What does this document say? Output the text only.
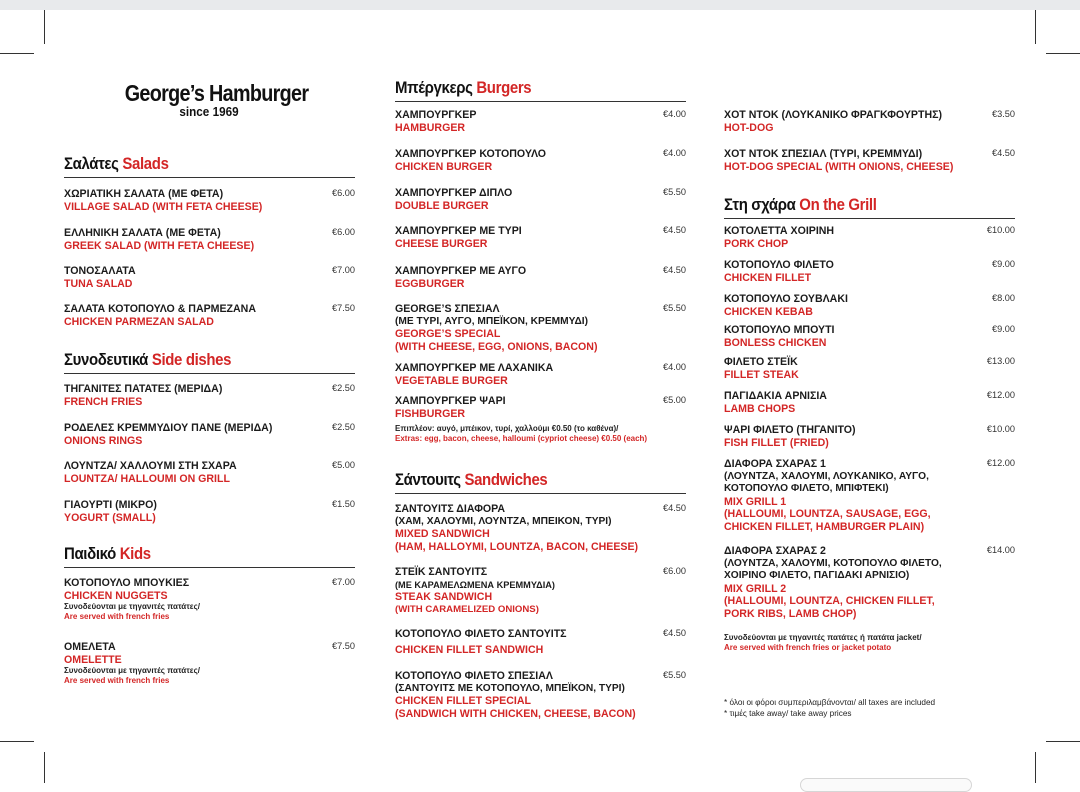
George’s Hamburger
since 1969
Σαλάτες Salads
ΧΩΡΙΑΤΙΚΗ ΣΑΛΑΤΑ (ΜΕ ΦΕΤΑ)
VILLAGE SALAD (WITH FETA CHEESE)
€6.00
ΕΛΛΗΝΙΚΗ ΣΑΛΑΤΑ (ΜΕ ΦΕΤΑ)
GREEK SALAD (WITH FETA CHEESE)
€6.00
ΤΟΝΟΣΑΛΑΤΑ
TUNA SALAD
€7.00
ΣΑΛΑΤΑ ΚΟΤΟΠΟΥΛΟ & ΠΑΡΜΕΖΑΝΑ
CHICKEN PARMEZAN SALAD
€7.50
Συνοδευτικά Side dishes
ΤΗΓΑΝΙΤΕΣ ΠΑΤΑΤΕΣ (ΜΕΡΙΔΑ)
FRENCH FRIES
€2.50
ΡΟΔΕΛΕΣ ΚΡΕΜΜΥΔΙΟΥ ΠΑΝΕ (ΜΕΡΙΔΑ)
ONIONS RINGS
€2.50
ΛΟΥΝΤΖΑ/ ΧΑΛΛΟΥΜΙ ΣΤΗ ΣΧΑΡΑ
LOUNTZA/ HALLOUMI ON GRILL
€5.00
ΓΙΑΟΥΡΤΙ (ΜΙΚΡΟ)
YOGURT (SMALL)
€1.50
Παιδικό Kids
ΚΟΤΟΠΟΥΛΟ ΜΠΟΥΚΙΕΣ
CHICKEN NUGGETS
Συνοδεύονται με τηγανιτές πατάτες/
Are served with french fries
€7.00
ΟΜΕΛΕΤΑ
OMELETTE
Συνοδεύονται με τηγανιτές πατάτες/
Are served with french fries
€7.50
Μπέργκερς Burgers
ΧΑΜΠΟΥΡΓΚΕΡ
HAMBURGER
€4.00
ΧΑΜΠΟΥΡΓΚΕΡ ΚΟΤΟΠΟΥΛΟ
CHICKEN BURGER
€4.00
ΧΑΜΠΟΥΡΓΚΕΡ ΔΙΠΛΟ
DOUBLE BURGER
€5.50
ΧΑΜΠΟΥΡΓΚΕΡ ΜΕ ΤΥΡΙ
CHEESE BURGER
€4.50
ΧΑΜΠΟΥΡΓΚΕΡ ΜΕ ΑΥΓΟ
EGGBURGER
€4.50
GEORGE’S ΣΠΕΣΙΑΛ
(ΜΕ ΤΥΡΙ, ΑΥΓΟ, ΜΠΕΪΚΟΝ, ΚΡΕΜΜΥΔΙ)
GEORGE’S SPECIAL
(WITH CHEESE, EGG, ONIONS, BACON)
€5.50
ΧΑΜΠΟΥΡΓΚΕΡ ΜΕ ΛΑΧΑΝΙΚΑ
VEGETABLE BURGER
€4.00
ΧΑΜΠΟΥΡΓΚΕΡ ΨΑΡΙ
FISHBURGER
€5.00
Επιπλέον: αυγό, μπέικον, τυρί, χαλλούμι €0.50 (το καθένα)/
Extras: egg, bacon, cheese, halloumi (cypriot cheese) €0.50 (each)
Σάντουιτς Sandwiches
ΣΑΝΤΟΥΙΤΣ ΔΙΑΦΟΡΑ
(ΧΑΜ, ΧΑΛΟΥΜΙ, ΛΟΥΝΤΖΑ, ΜΠΕΙΚΟΝ, ΤΥΡΙ)
MIXED SANDWICH
(HAM, HALLOYMI, LOUNTZA, BACON, CHEESE)
€4.50
ΣΤΕΪΚ ΣΑΝΤΟΥΙΤΣ
(ΜΕ ΚΑΡΑΜΕΛΩΜΕΝΑ ΚΡΕΜΜΥΔΙΑ)
STEAK SANDWICH
(WITH CARAMELIZED ONIONS)
€6.00
ΚΟΤΟΠΟΥΛΟ ΦΙΛΕΤΟ ΣΑΝΤΟΥΙΤΣ
CHICKEN FILLET SANDWICH
€4.50
ΚΟΤΟΠΟΥΛΟ ΦΙΛΕΤΟ ΣΠΕΣΙΑΛ
(ΣΑΝΤΟΥΙΤΣ ΜΕ ΚΟΤΟΠΟΥΛΟ, ΜΠΕΪΚΟΝ, ΤΥΡΙ)
CHICKEN FILLET SPECIAL
(SANDWICH WITH CHICKEN, CHEESE, BACON)
€5.50
ΧΟΤ ΝΤΟΚ (ΛΟΥΚΑΝΙΚΟ ΦΡΑΓΚΦΟΥΡΤΗΣ)
HOT-DOG
€3.50
ΧΟΤ ΝΤΟΚ ΣΠΕΣΙΑΛ (ΤΥΡΙ, ΚΡΕΜΜΥΔΙ)
HOT-DOG SPECIAL (WITH ONIONS, CHEESE)
€4.50
Στη σχάρα On the Grill
ΚΟΤΟΛΕΤΤΑ ΧΟΙΡΙΝΗ
PORK CHOP
€10.00
ΚΟΤΟΠΟΥΛΟ ΦΙΛΕΤΟ
CHICKEN FILLET
€9.00
ΚΟΤΟΠΟΥΛΟ ΣΟΥΒΛΑΚΙ
CHICKEN KEBAB
€8.00
ΚΟΤΟΠΟΥΛΟ ΜΠΟΥΤΙ
BONLESS CHICKEN
€9.00
ΦΙΛΕΤΟ ΣΤΕΪΚ
FILLET STEAK
€13.00
ΠΑΓΙΔΑΚΙΑ ΑΡΝΙΣΙΑ
LAMB CHOPS
€12.00
ΨΑΡΙ ΦΙΛΕΤΟ (ΤΗΓΑΝΙΤΟ)
FISH FILLET (FRIED)
€10.00
ΔΙΑΦΟΡΑ ΣΧΑΡΑΣ 1
(ΛΟΥΝΤΖΑ, ΧΑΛΟΥΜΙ, ΛΟΥΚΑΝΙΚΟ, ΑΥΓΟ,
ΚΟΤΟΠΟΥΛΟ ΦΙΛΕΤΟ, ΜΠΙΦΤΕΚΙ)
MIX GRILL 1
(HALLOUMI, LOUNTZA, SAUSAGE, EGG,
CHICKEN FILLET, HAMBURGER PLAIN)
€12.00
ΔΙΑΦΟΡΑ ΣΧΑΡΑΣ 2
(ΛΟΥΝΤΖΑ, ΧΑΛΟΥΜΙ, ΚΟΤΟΠΟΥΛΟ ΦΙΛΕΤΟ,
ΧΟΙΡΙΝΟ ΦΙΛΕΤΟ, ΠΑΓΙΔΑΚΙ ΑΡΝΙΣΙΟ)
MIX GRILL 2
(HALLOUMI, LOUNTZA, CHICKEN FILLET,
PORK RIBS, LAMB CHOP)
€14.00
Συνοδεύονται με τηγανιτές πατάτες ή πατάτα jacket/
Are served with french fries or jacket potato
* όλοι οι φόροι συμπεριλαμβάνονται/ all taxes are included
* τιμές take away/ take away prices
